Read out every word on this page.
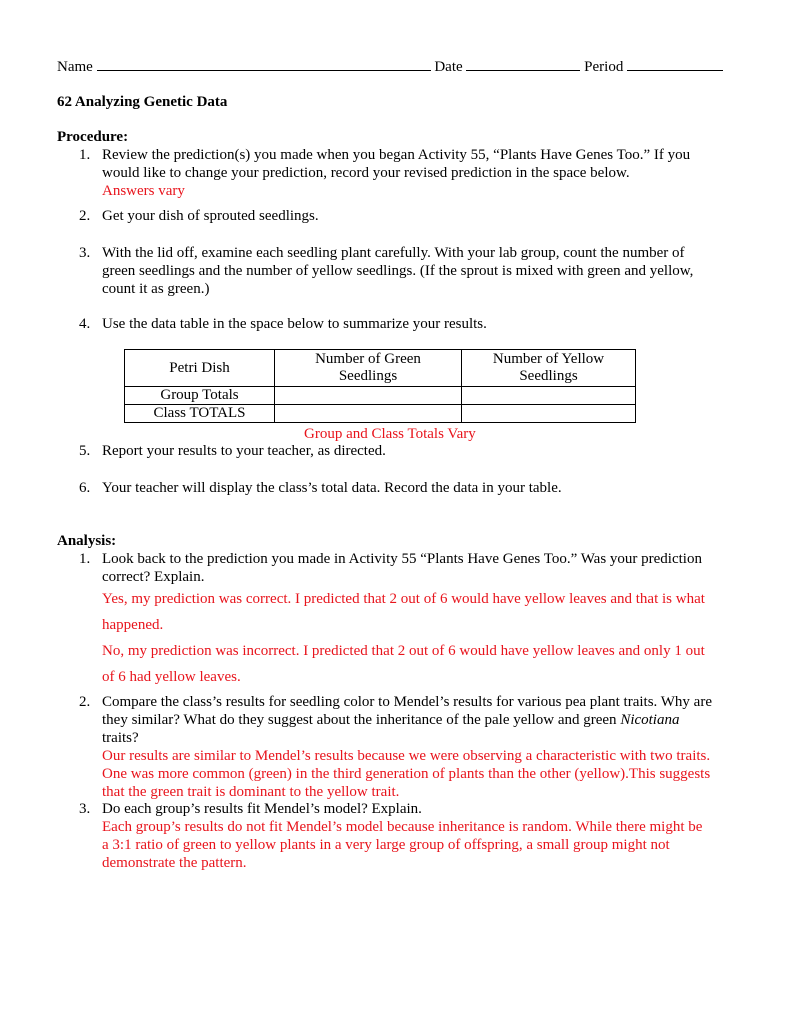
Name	Date	Period
62 Analyzing Genetic Data
Procedure:
1. Review the prediction(s) you made when you began Activity 55, “Plants Have Genes Too.” If you
would like to change your prediction, record your revised prediction in the space below.
Answers vary
2. Get your dish of sprouted seedlings.
3. With the lid off, examine each seedling plant carefully. With your lab group, count the number of
green seedlings and the number of yellow seedlings. (If the sprout is mixed with green and yellow,
count it as green.)
4. Use the data table in the space below to summarize your results.
Petri Dish	Number of Green Seedlings	Number of Yellow Seedlings
Group Totals		
Class TOTALS		
Group and Class Totals Vary
5. Report your results to your teacher, as directed.
6. Your teacher will display the class’s total data. Record the data in your table.
Analysis:
1. Look back to the prediction you made in Activity 55 “Plants Have Genes Too.” Was your prediction
correct? Explain.
Yes, my prediction was correct. I predicted that 2 out of 6 would have yellow leaves and that is what
happened.
No, my prediction was incorrect. I predicted that 2 out of 6 would have yellow leaves and only 1 out
of 6 had yellow leaves.
2. Compare the class’s results for seedling color to Mendel’s results for various pea plant traits. Why are
they similar? What do they suggest about the inheritance of the pale yellow and green Nicotiana
traits?
Our results are similar to Mendel’s results because we were observing a characteristic with two traits.
One was more common (green) in the third generation of plants than the other (yellow).This suggests
that the green trait is dominant to the yellow trait.
3. Do each group’s results fit Mendel’s model? Explain.
Each group’s results do not fit Mendel’s model because inheritance is random. While there might be
a 3:1 ratio of green to yellow plants in a very large group of offspring, a small group might not
demonstrate the pattern.
